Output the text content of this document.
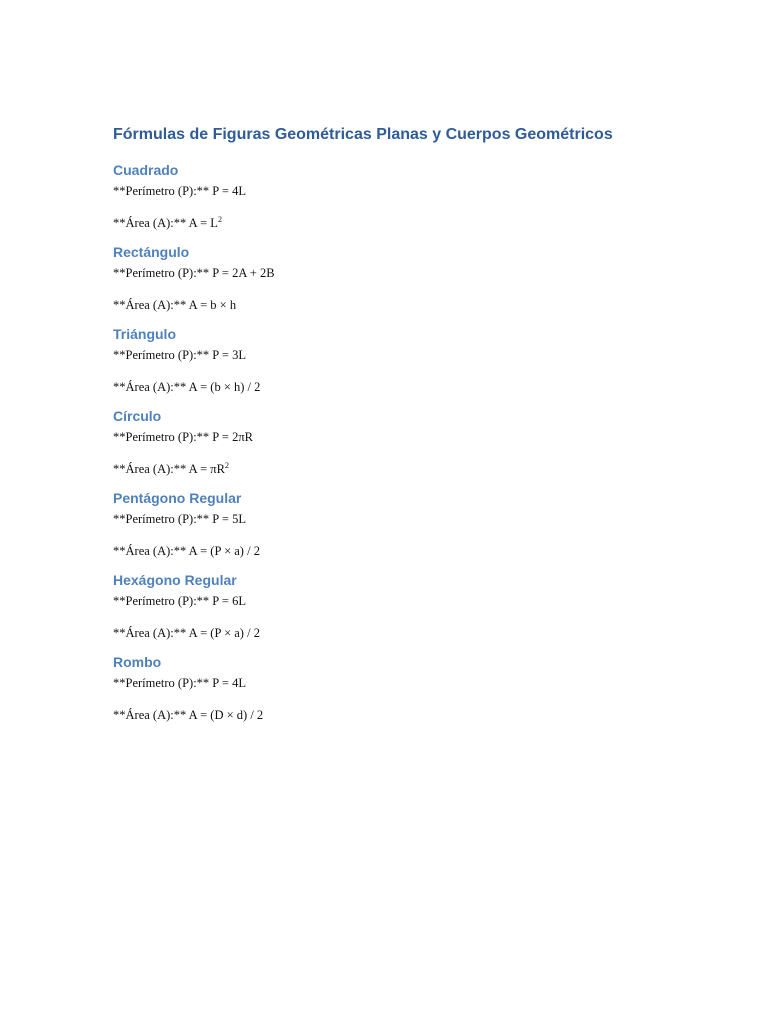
Fórmulas de Figuras Geométricas Planas y Cuerpos Geométricos
Cuadrado
**Perímetro (P):** P = 4L
**Área (A):** $A = L^2$
Rectángulo
**Perímetro (P):** P = 2A + 2B
**Área (A):** A = b × h
Triángulo
**Perímetro (P):** P = 3L
**Área (A):** A = (b × h) / 2
Círculo
**Perímetro (P):** P = 2πR
**Área (A):** $A = \pi R^2$
Pentágono Regular
**Perímetro (P):** P = 5L
**Área (A):** A = (P × a) / 2
Hexágono Regular
**Perímetro (P):** P = 6L
**Área (A):** A = (P × a) / 2
Rombo
**Perímetro (P):** P = 4L
**Área (A):** A = (D × d) / 2
